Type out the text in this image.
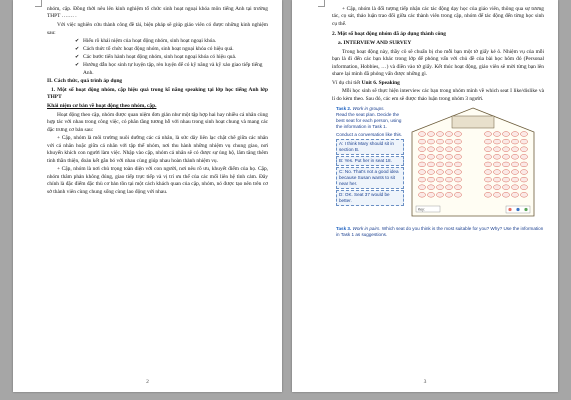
nhóm, cặp. Đồng thời nêu lên kinh nghiệm tổ chức sinh hoạt ngoại khóa môn tiếng Anh tại trường THPT ……. .

Với việc nghiên cứu thành công đề tài, biện pháp sẽ giúp giáo viên có được những kinh nghiệm sau:

✔ Hiểu rõ khái niệm của hoạt động nhóm, sinh hoạt ngoại khóa.
✔ Cách thức tổ chức hoạt động nhóm, sinh hoạt ngoại khóa có hiệu quả.
✔ Các bước tiến hành hoạt động nhóm, sinh hoạt ngoại khóa có hiệu quả.
✔ Hướng dẫn học sinh tự luyện tập, rèn luyện để có kỹ năng và kỹ xảo giao tiếp tiếng Anh.

II. Cách thức, quá trình áp dụng

1. Một số hoạt động nhóm, cặp hiệu quả trong kĩ năng speaking tại lớp học tiếng Anh lớp THPT

Khái niệm cơ bản về hoạt động theo nhóm, cặp.

Hoạt động theo cặp, nhóm được quan niệm đơn giản như một tập hợp hai hay nhiều cá nhân cùng hợp tác với nhau trong công việc, có phân tầng tương hỗ với nhau trong sinh hoạt chung và mang các đặc trưng cơ bản sau:

+ Cặp, nhóm là môi trường nuôi dưỡng các cá nhân, là sức dây liên lạc chặt chẽ giữa các nhân với cá nhân hoặc giữa cá nhân với tập thể nhóm, nơi thu hành những nhiệm vụ chung giao, nơi khuyến khích con người làm việc. Nhập vào cặp, nhóm cá nhân sẽ có được sự ủng hộ, lâm tăng thêm tinh thần thiện, đoàn kết gắn bó với nhau cùng giúp nhau hoàn thành nhiệm vụ.

+ Cặp, nhóm là nơi chủ trọng toàn diện với con người, nơi nêu rõ ưu, khuyết điểm của họ. Cặp, nhóm thâm phản không đúng, giao tiếp trực tiếp và vị trí ưu thế của các mối liên hệ tình cảm. Đây chính là đặc điểm đặc thù cơ bản tồn tại một cách khách quan của cặp, nhóm, nó được tạo nên trên cơ sở thành viên cùng chung sống cùng lao động với nhau.

2

+ Cặp, nhóm là đối tượng tiếp nhận các tác động dạy học của giáo viên, thông qua sự tương tác, cọ sát, thảo luận trao đổi giữa các thành viên trong cặp, nhóm để tác động đến từng học sinh cụ thể.

2. Một số hoạt động nhóm đã áp dụng thành công

a. INTERVIEW AND SURVEY

Trong hoạt động này, thầy cô sẽ chuẩn bị cho mỗi bạn một tờ giấy kẻ ô. Nhiệm vụ của mỗi bạn là đi đến các bạn khác trong lớp để phỏng vấn với chủ đề của bài học hôm đó (Personal information, Hobbies, …) và điền vào tờ giấy. Kết thúc hoạt động, giáo viên sẽ mời từng bạn lên share lại mình đã phỏng vấn được những gì.

Ví dụ chi tiết Unit 6. Speaking

Mỗi học sinh sẽ thực hiện interview các bạn trong nhóm mình về which seat I like/dislike và lí do kèm theo. Sau đó, các em sẽ được thảo luận trong nhóm 3 người.

Task 2. Work in groups.
Read the seat plan. Decide the best seat for each person, using the information in Task 1.
Conduct a conversation like this.
A: I think Mary should sit in section B.
B: Yes. Put her in seat 18.
C: No. That's not a good idea because Susan wants to sit near her.
D: OK. Seat 37 would be better.
Key:
Task 3. Work in pairs. Which seat do you think is the most suitable for you? Why? Use the information in Task 1 as suggestions.
3
